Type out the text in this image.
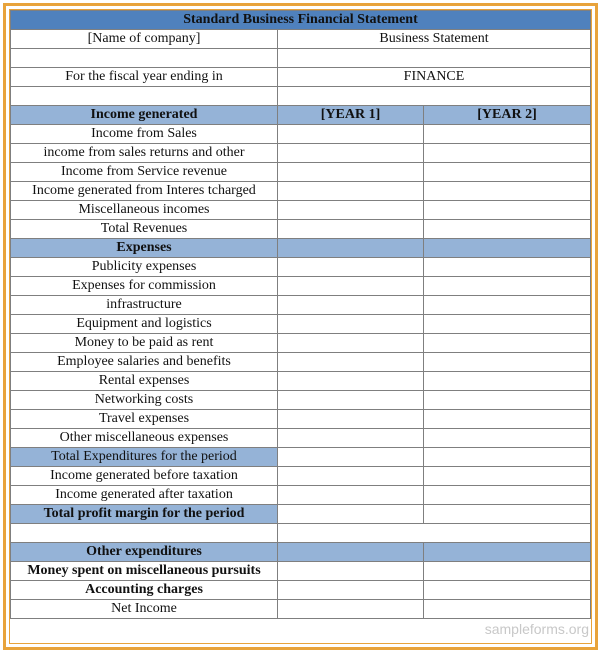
Standard Business Financial Statement		
[Name of company]	Business Statement	

For the fiscal year ending in	FINANCE	

Income generated	[YEAR 1]	[YEAR 2]
Income from Sales		
income from sales returns and other		
Income from Service revenue		
Income generated from Interes tcharged		
Miscellaneous incomes		
Total Revenues		
Expenses		
Publicity expenses		
Expenses for commission		
infrastructure		
Equipment and logistics		
Money to be paid as rent		
Employee salaries and benefits		
Rental expenses		
Networking costs		
Travel expenses		
Other miscellaneous expenses		
Total Expenditures for the period		
Income generated before taxation		
Income generated after taxation		
Total profit margin for the period		

Other expenditures		
Money spent on miscellaneous pursuits		
Accounting charges		
Net Income		
sampleforms.org
